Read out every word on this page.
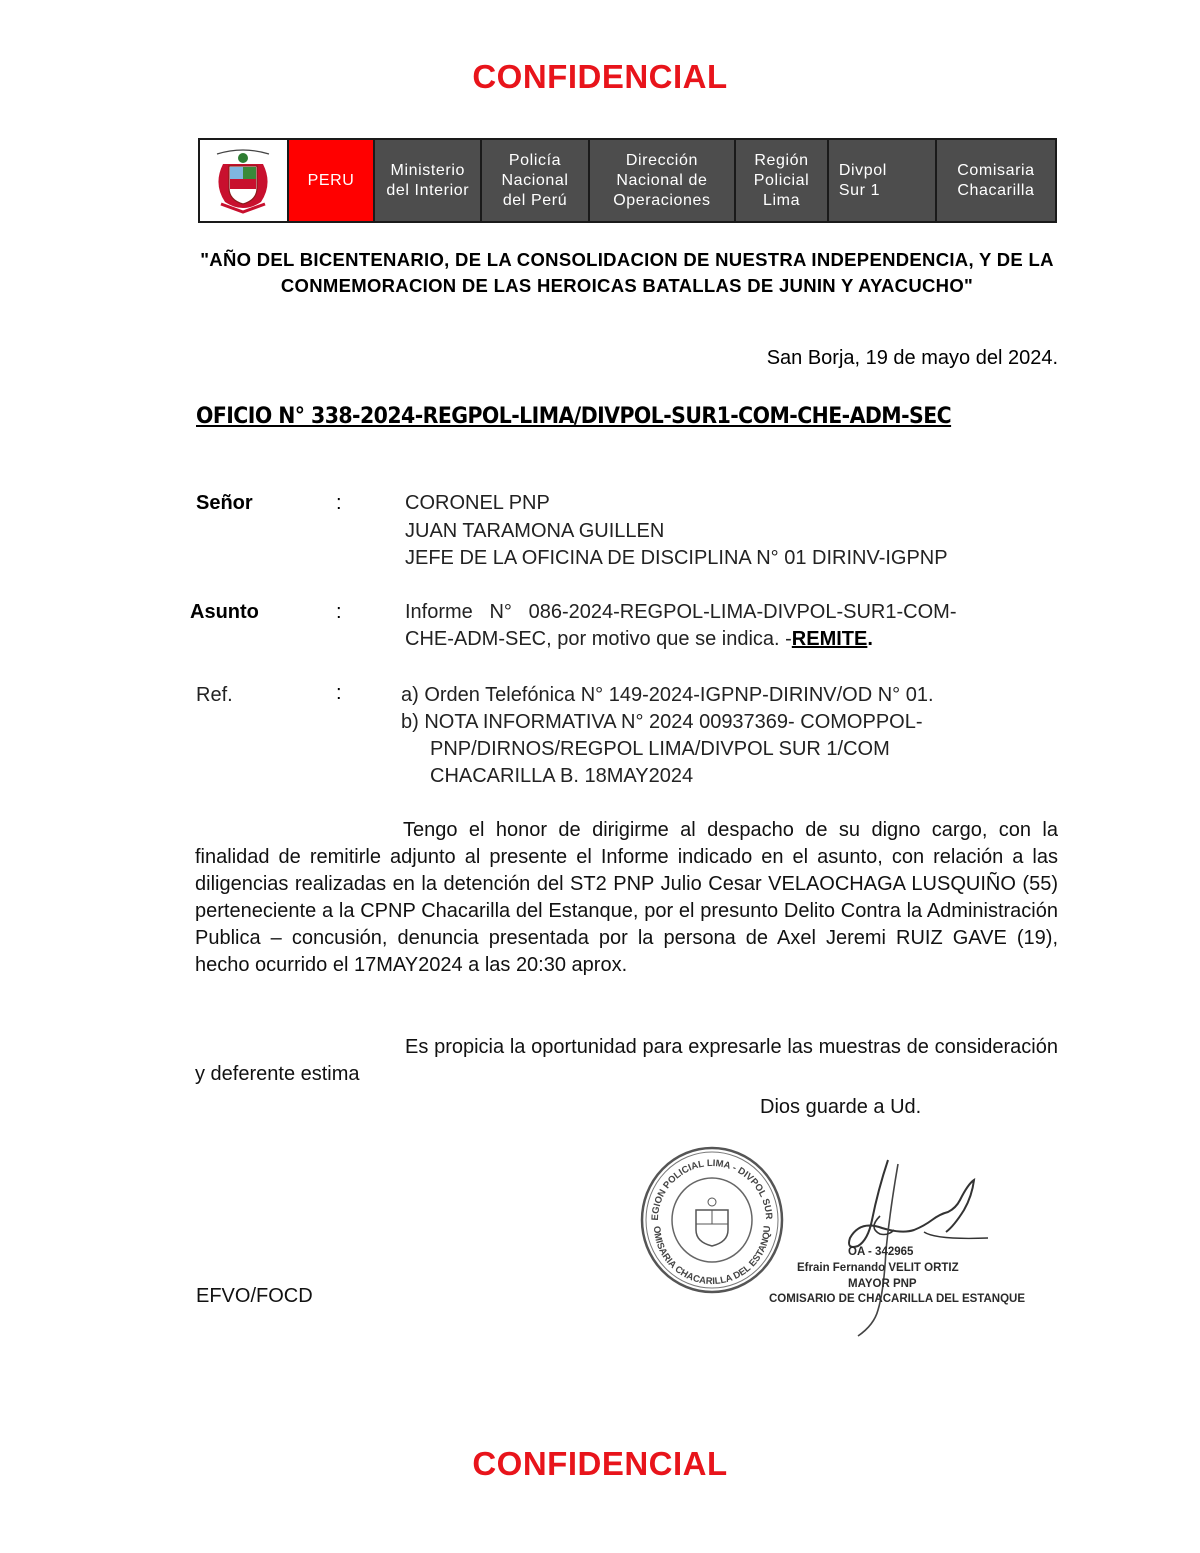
CONFIDENCIAL
PERU
Ministerio
del Interior
Policía
Nacional
del Perú
Dirección
Nacional de
Operaciones
Región
Policial
Lima
Divpol
Sur 1
Comisaria
Chacarilla
"AÑO DEL BICENTENARIO, DE LA CONSOLIDACION DE NUESTRA INDEPENDENCIA, Y DE LA CONMEMORACION DE LAS HEROICAS BATALLAS DE JUNIN Y AYACUCHO"
San Borja, 19 de mayo del 2024.
OFICIO N° 338-2024-REGPOL-LIMA/DIVPOL-SUR1-COM-CHE-ADM-SEC
Señor	:	CORONEL PNP
JUAN TARAMONA GUILLEN
JEFE DE LA OFICINA DE DISCIPLINA N° 01 DIRINV-IGPNP
Asunto	:	Informe   N°   086-2024-REGPOL-LIMA-DIVPOL-SUR1-COM-
CHE-ADM-SEC, por motivo que se indica. -REMITE.
Ref.	:	a) Orden Telefónica N° 149-2024-IGPNP-DIRINV/OD N° 01.
b) NOTA INFORMATIVA N° 2024 00937369- COMOPPOL-
PNP/DIRNOS/REGPOL LIMA/DIVPOL SUR 1/COM
CHACARILLA B. 18MAY2024
Tengo el honor de dirigirme al despacho de su digno cargo, con la finalidad de remitirle adjunto al presente el Informe indicado en el asunto, con relación a las diligencias realizadas en la detención del ST2 PNP Julio Cesar VELAOCHAGA LUSQUIÑO (55) perteneciente a la CPNP Chacarilla del Estanque, por el presunto Delito Contra la Administración Publica – concusión, denuncia presentada por la persona de Axel Jeremi RUIZ GAVE (19), hecho ocurrido el 17MAY2024 a las 20:30 aprox.
Es propicia la oportunidad para expresarle las muestras de consideración y deferente estima
Dios guarde a Ud.
EGION POLICIAL LIMA - DIVPOL SUR
OMISARIA CHACARILLA DEL ESTANQU
OA - 342965
Efrain Fernando VELIT ORTIZ
MAYOR PNP
COMISARIO DE CHACARILLA DEL ESTANQUE
EFVO/FOCD
CONFIDENCIAL
